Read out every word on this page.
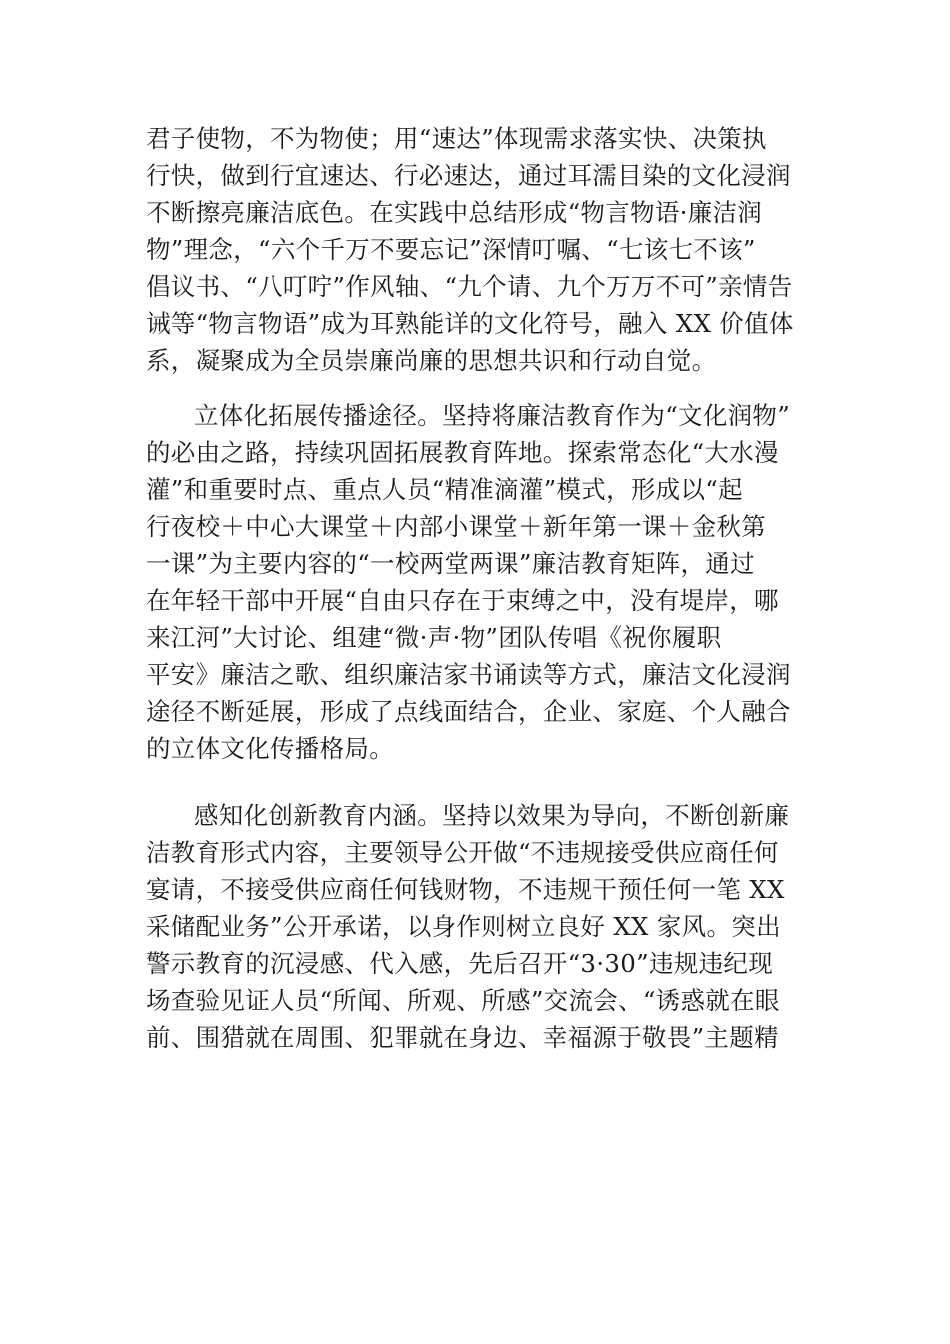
君子使物，不为物使；用“速达”体现需求落实快、决策执
行快，做到行宜速达、行必速达，通过耳濡目染的文化浸润
不断擦亮廉洁底色。在实践中总结形成“物言物语·廉洁润
物”理念，“六个千万不要忘记”深情叮嘱、“七该七不该”
倡议书、“八叮咛”作风轴、“九个请、九个万万不可”亲情告
诫等“物言物语”成为耳熟能详的文化符号，融入 XX 价值体
系，凝聚成为全员崇廉尚廉的思想共识和行动自觉。
立体化拓展传播途径。坚持将廉洁教育作为“文化润物”
的必由之路，持续巩固拓展教育阵地。探索常态化“大水漫
灌”和重要时点、重点人员“精准滴灌”模式，形成以“起
行夜校＋中心大课堂＋内部小课堂＋新年第一课＋金秋第
一课”为主要内容的“一校两堂两课”廉洁教育矩阵，通过
在年轻干部中开展“自由只存在于束缚之中，没有堤岸，哪
来江河”大讨论、组建“微·声·物”团队传唱《祝你履职
平安》廉洁之歌、组织廉洁家书诵读等方式，廉洁文化浸润
途径不断延展，形成了点线面结合，企业、家庭、个人融合
的立体文化传播格局。
感知化创新教育内涵。坚持以效果为导向，不断创新廉
洁教育形式内容，主要领导公开做“不违规接受供应商任何
宴请，不接受供应商任何钱财物，不违规干预任何一笔 XX
采储配业务”公开承诺，以身作则树立良好 XX 家风。突出
警示教育的沉浸感、代入感，先后召开“3·30”违规违纪现
场查验见证人员“所闻、所观、所感”交流会、“诱惑就在眼
前、围猎就在周围、犯罪就在身边、幸福源于敬畏”主题精
